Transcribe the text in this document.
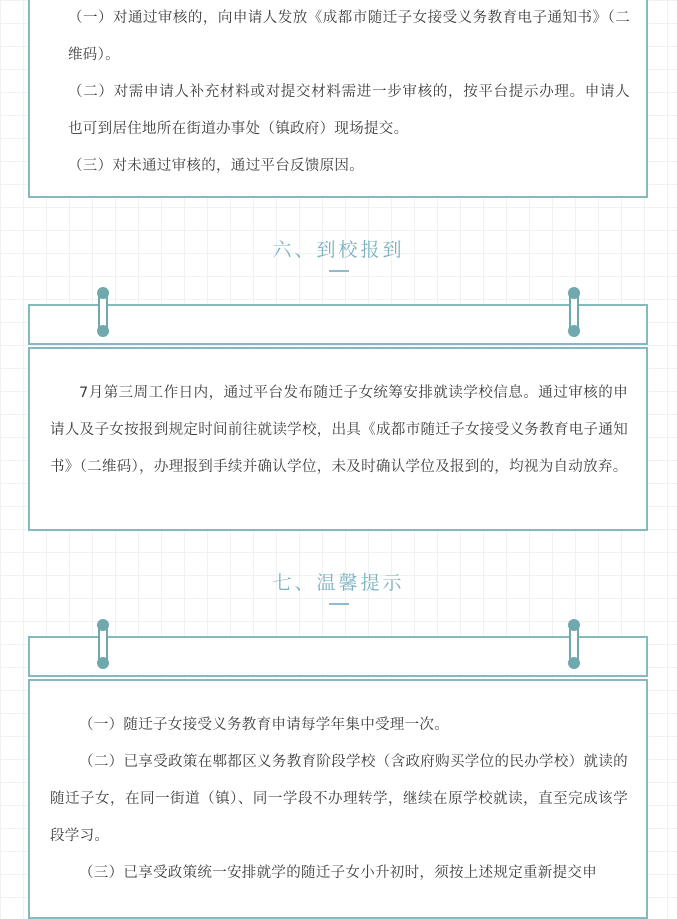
（一）对通过审核的，向申请人发放《成都市随迁子女接受义务教育电子通知书》（二维码）。

（二）对需申请人补充材料或对提交材料需进一步审核的，按平台提示办理。申请人也可到居住地所在街道办事处（镇政府）现场提交。

（三）对未通过审核的，通过平台反馈原因。

六、到校报到

7月第三周工作日内，通过平台发布随迁子女统筹安排就读学校信息。通过审核的申请人及子女按报到规定时间前往就读学校，出具《成都市随迁子女接受义务教育电子通知书》（二维码），办理报到手续并确认学位，未及时确认学位及报到的，均视为自动放弃。

七、温馨提示

（一）随迁子女接受义务教育申请每学年集中受理一次。

（二）已享受政策在郫都区义务教育阶段学校（含政府购买学位的民办学校）就读的随迁子女，在同一街道（镇）、同一学段不办理转学，继续在原学校就读，直至完成该学段学习。

（三）已享受政策统一安排就学的随迁子女小升初时，须按上述规定重新提交申
